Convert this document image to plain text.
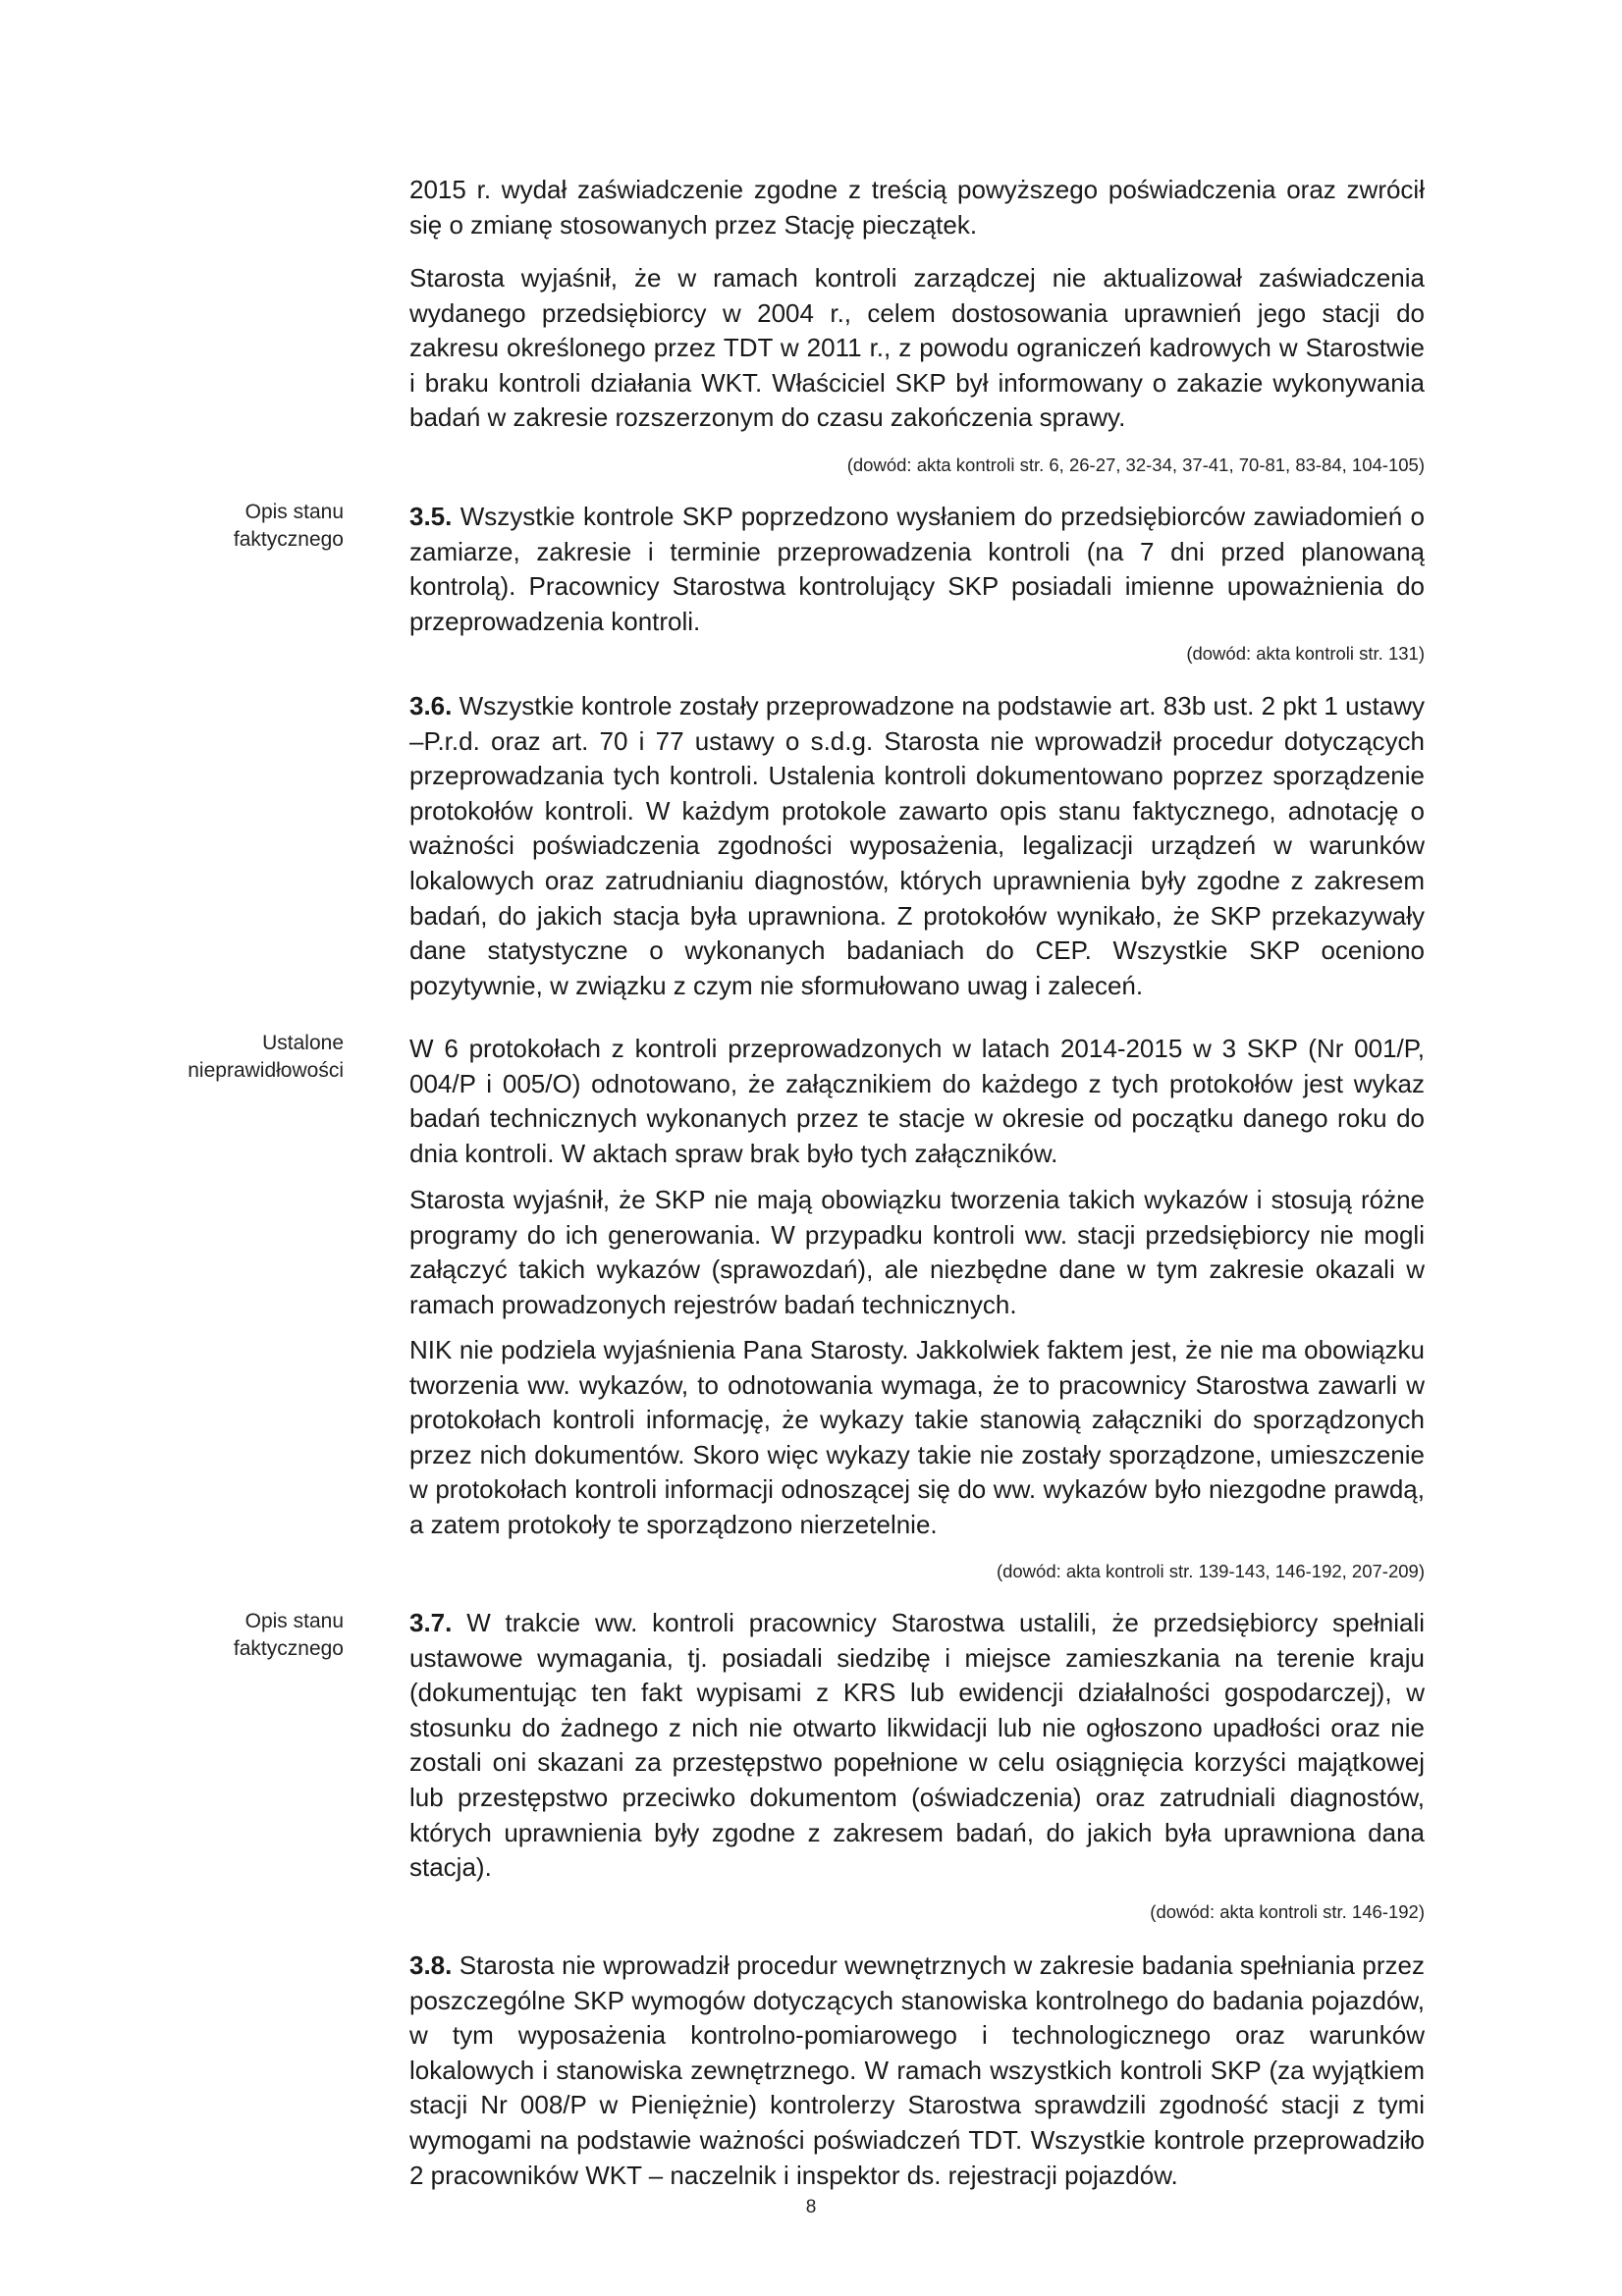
Opis stanu faktycznego
Ustalone nieprawidłowości
Opis stanu faktycznego
2015 r. wydał zaświadczenie zgodne z treścią powyższego poświadczenia oraz zwrócił się o zmianę stosowanych przez Stację pieczątek.
Starosta wyjaśnił, że w ramach kontroli zarządczej nie aktualizował zaświadczenia wydanego przedsiębiorcy w 2004 r., celem dostosowania uprawnień jego stacji do zakresu określonego przez TDT w 2011 r., z powodu ograniczeń kadrowych w Starostwie i braku kontroli działania WKT. Właściciel SKP był informowany o zakazie wykonywania badań w zakresie rozszerzonym do czasu zakończenia sprawy.
(dowód: akta kontroli str. 6, 26-27, 32-34, 37-41, 70-81, 83-84, 104-105)
3.5. Wszystkie kontrole SKP poprzedzono wysłaniem do przedsiębiorców zawiadomień o zamiarze, zakresie i terminie przeprowadzenia kontroli (na 7 dni przed planowaną kontrolą). Pracownicy Starostwa kontrolujący SKP posiadali imienne upoważnienia do przeprowadzenia kontroli.
(dowód: akta kontroli str. 131)
3.6. Wszystkie kontrole zostały przeprowadzone na podstawie art. 83b ust. 2 pkt 1 ustawy –P.r.d. oraz art. 70 i 77 ustawy o s.d.g. Starosta nie wprowadził procedur dotyczących przeprowadzania tych kontroli. Ustalenia kontroli dokumentowano poprzez sporządzenie protokołów kontroli. W każdym protokole zawarto opis stanu faktycznego, adnotację o ważności poświadczenia zgodności wyposażenia, legalizacji urządzeń w warunków lokalowych oraz zatrudnianiu diagnostów, których uprawnienia były zgodne z zakresem badań, do jakich stacja była uprawniona. Z protokołów wynikało, że SKP przekazywały dane statystyczne o wykonanych badaniach do CEP. Wszystkie SKP oceniono pozytywnie, w związku z czym nie sformułowano uwag i zaleceń.
W 6 protokołach z kontroli przeprowadzonych w latach 2014-2015 w 3 SKP (Nr 001/P, 004/P i 005/O) odnotowano, że załącznikiem do każdego z tych protokołów jest wykaz badań technicznych wykonanych przez te stacje w okresie od początku danego roku do dnia kontroli. W aktach spraw brak było tych załączników.
Starosta wyjaśnił, że SKP nie mają obowiązku tworzenia takich wykazów i stosują różne programy do ich generowania. W przypadku kontroli ww. stacji przedsiębiorcy nie mogli załączyć takich wykazów (sprawozdań), ale niezbędne dane w tym zakresie okazali w ramach prowadzonych rejestrów badań technicznych.
NIK nie podziela wyjaśnienia Pana Starosty. Jakkolwiek faktem jest, że nie ma obowiązku tworzenia ww. wykazów, to odnotowania wymaga, że to pracownicy Starostwa zawarli w protokołach kontroli informację, że wykazy takie stanowią załączniki do sporządzonych przez nich dokumentów. Skoro więc wykazy takie nie zostały sporządzone, umieszczenie w protokołach kontroli informacji odnoszącej się do ww. wykazów było niezgodne prawdą, a zatem protokoły te sporządzono nierzetelnie.
(dowód: akta kontroli str. 139-143, 146-192, 207-209)
3.7. W trakcie ww. kontroli pracownicy Starostwa ustalili, że przedsiębiorcy spełniali ustawowe wymagania, tj. posiadali siedzibę i miejsce zamieszkania na terenie kraju (dokumentując ten fakt wypisami z KRS lub ewidencji działalności gospodarczej), w stosunku do żadnego z nich nie otwarto likwidacji lub nie ogłoszono upadłości oraz nie zostali oni skazani za przestępstwo popełnione w celu osiągnięcia korzyści majątkowej lub przestępstwo przeciwko dokumentom (oświadczenia) oraz zatrudniali diagnostów, których uprawnienia były zgodne z zakresem badań, do jakich była uprawniona dana stacja).
(dowód: akta kontroli str. 146-192)
3.8. Starosta nie wprowadził procedur wewnętrznych w zakresie badania spełniania przez poszczególne SKP wymogów dotyczących stanowiska kontrolnego do badania pojazdów, w tym wyposażenia kontrolno-pomiarowego i technologicznego oraz warunków lokalowych i stanowiska zewnętrznego. W ramach wszystkich kontroli SKP (za wyjątkiem stacji Nr 008/P w Pieniężnie) kontrolerzy Starostwa sprawdzili zgodność stacji z tymi wymogami na podstawie ważności poświadczeń TDT. Wszystkie kontrole przeprowadziło 2 pracowników WKT – naczelnik i inspektor ds. rejestracji pojazdów.
8
